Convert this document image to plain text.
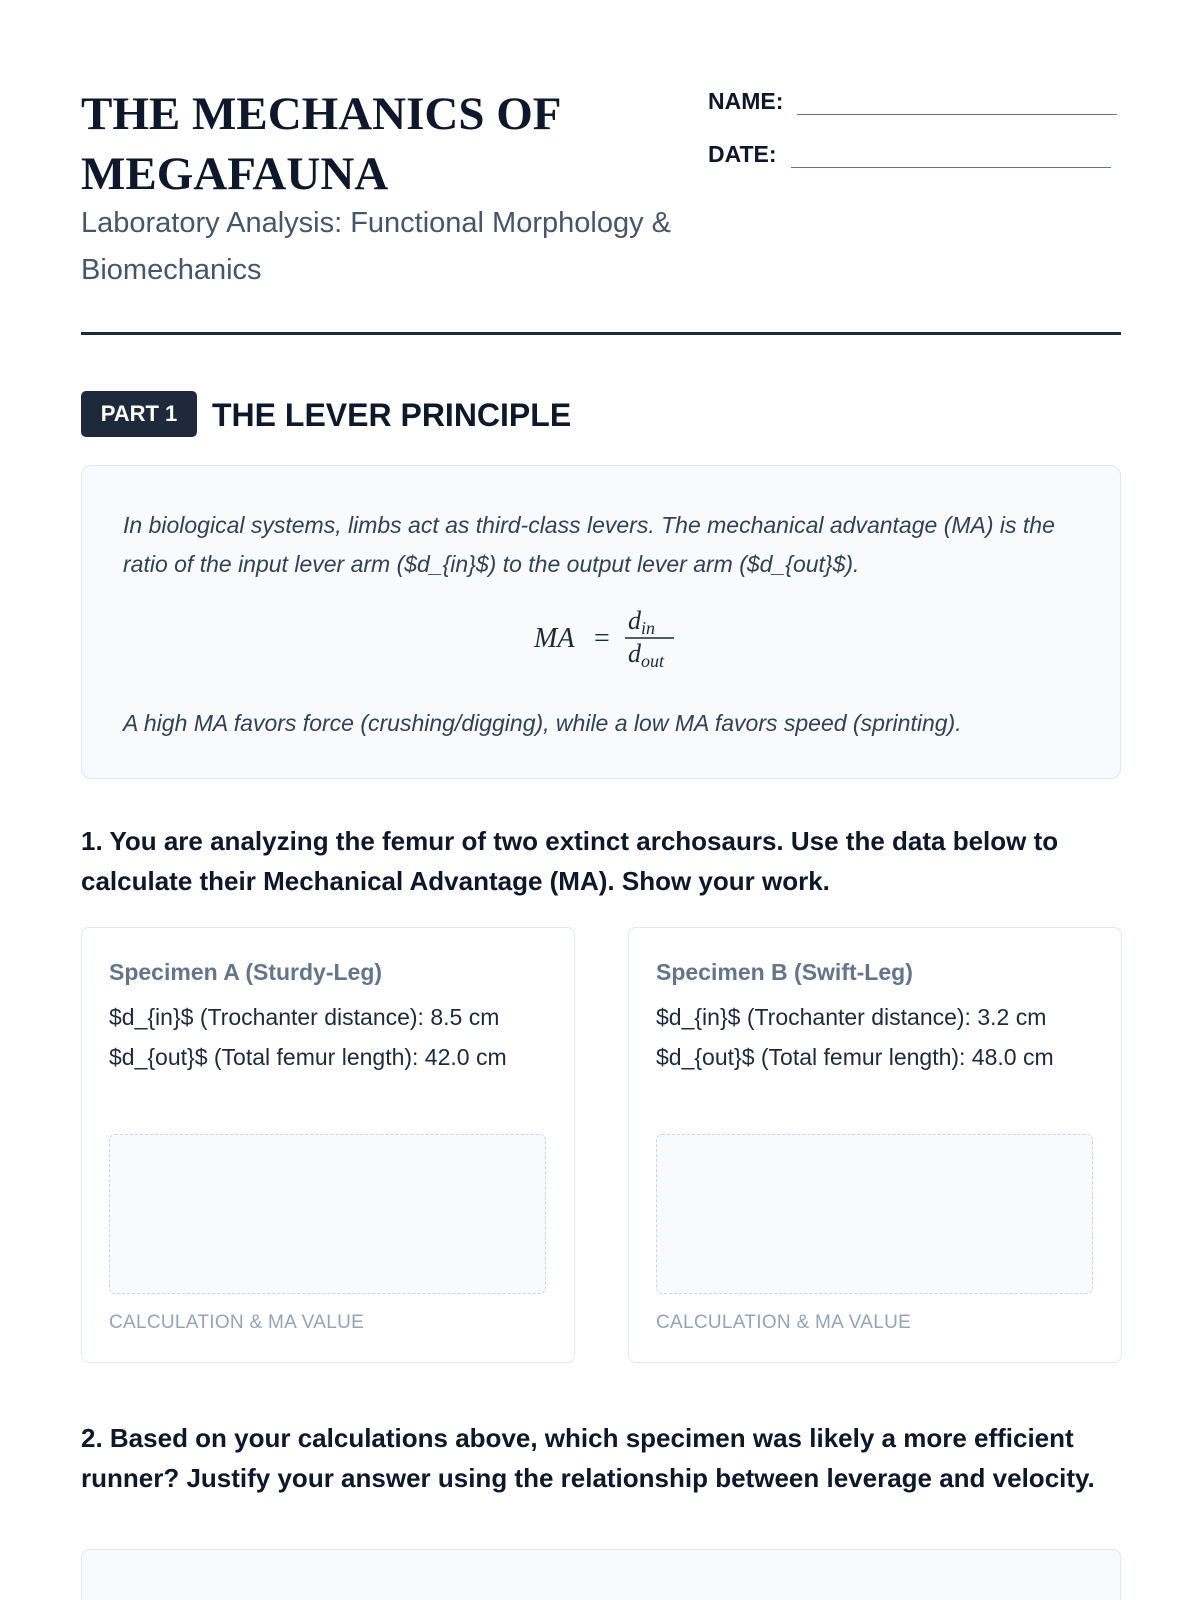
THE MECHANICS OF MEGAFAUNA

Laboratory Analysis: Functional Morphology & Biomechanics

NAME:
DATE:
PART 1	THE LEVER PRINCIPLE

In biological systems, limbs act as third-class levers. The mechanical advantage (MA) is the ratio of the input lever arm ($d_{in}$) to the output lever arm ($d_{out}$).

MA =
din
dout

A high MA favors force (crushing/digging), while a low MA favors speed (sprinting).

1. You are analyzing the femur of two extinct archosaurs. Use the data below to calculate their Mechanical Advantage (MA). Show your work.

Specimen A (Sturdy-Leg)

$d_{in}$ (Trochanter distance): 8.5 cm

$d_{out}$ (Total femur length): 42.0 cm

CALCULATION & MA VALUE

Specimen B (Swift-Leg)

$d_{in}$ (Trochanter distance): 3.2 cm

$d_{out}$ (Total femur length): 48.0 cm

CALCULATION & MA VALUE

2. Based on your calculations above, which specimen was likely a more efficient runner? Justify your answer using the relationship between leverage and velocity.
